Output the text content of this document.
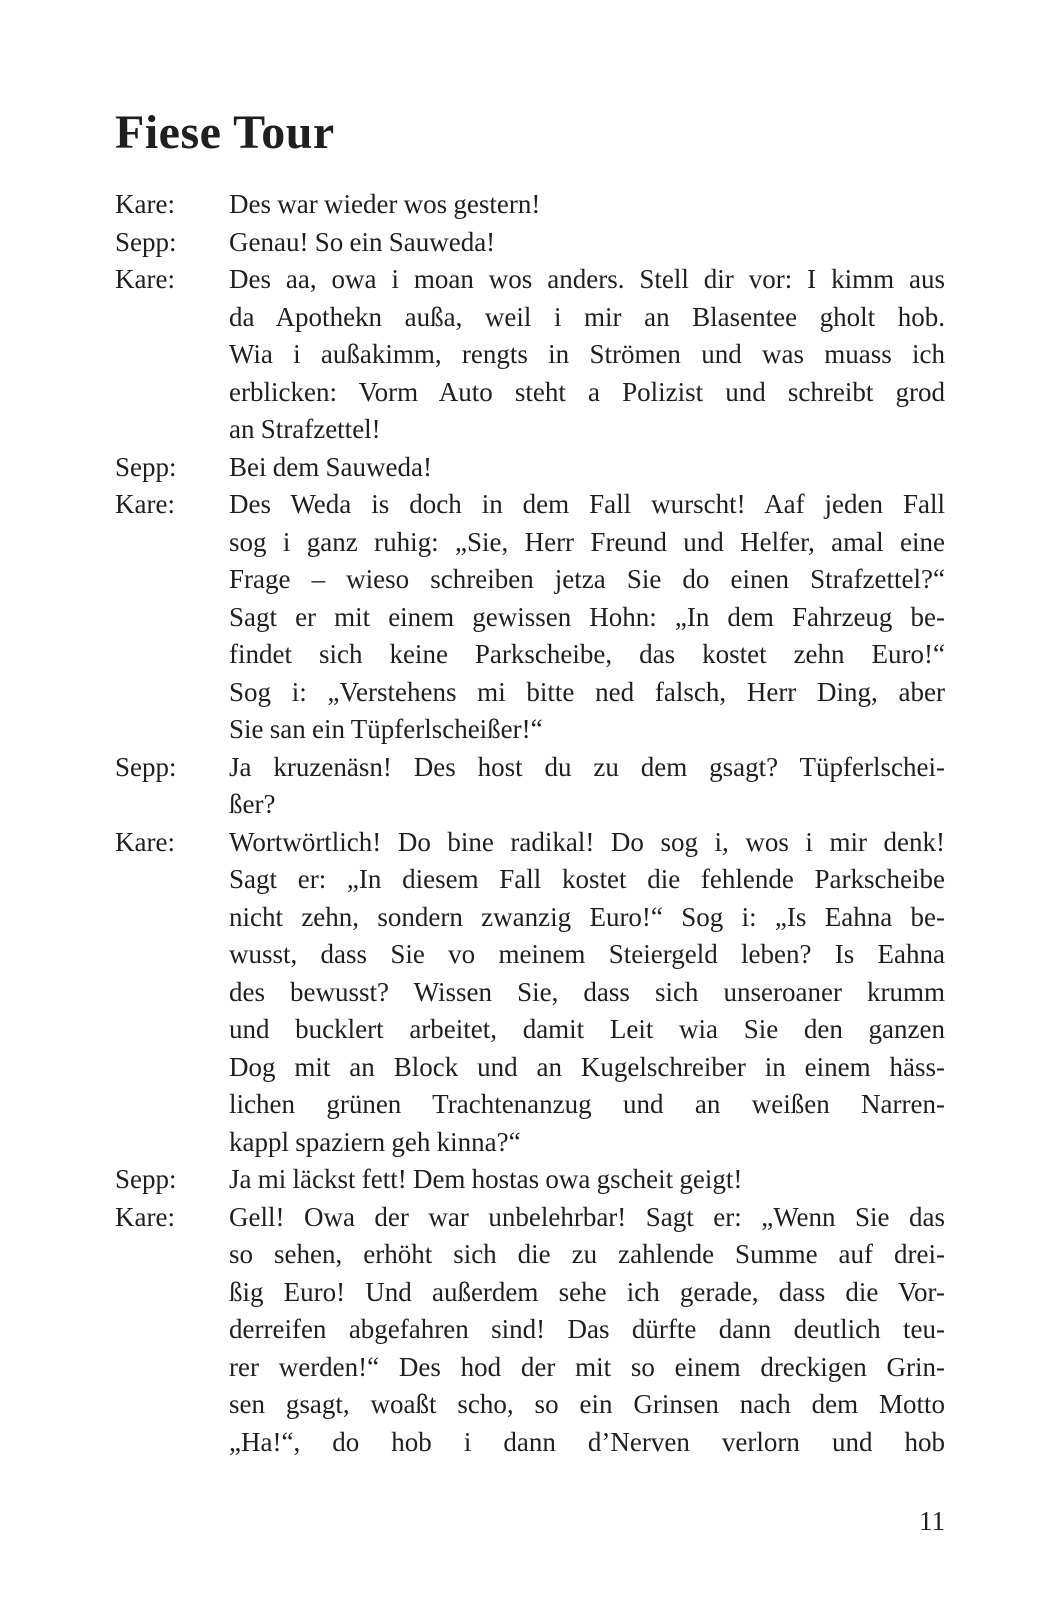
Fiese Tour
Kare:	Des war wieder wos gestern!
Sepp:	Genau! So ein Sauweda!
Kare:	Des aa, owa i moan wos anders. Stell dir vor: I kimm aus
da Apothekn außa, weil i mir an Blasentee gholt hob.
Wia i außakimm, rengts in Strömen und was muass ich
erblicken: Vorm Auto steht a Polizist und schreibt grod
an Strafzettel!
Sepp:	Bei dem Sauweda!
Kare:	Des Weda is doch in dem Fall wurscht! Aaf jeden Fall
sog i ganz ruhig: „Sie, Herr Freund und Helfer, amal eine
Frage – wieso schreiben jetza Sie do einen Strafzettel?“
Sagt er mit einem gewissen Hohn: „In dem Fahrzeug be-
findet sich keine Parkscheibe, das kostet zehn Euro!“
Sog i: „Verstehens mi bitte ned falsch, Herr Ding, aber
Sie san ein Tüpferlscheißer!“
Sepp:	Ja kruzenäsn! Des host du zu dem gsagt? Tüpferlschei-
ßer?
Kare:	Wortwörtlich! Do bine radikal! Do sog i, wos i mir denk!
Sagt er: „In diesem Fall kostet die fehlende Parkscheibe
nicht zehn, sondern zwanzig Euro!“ Sog i: „Is Eahna be-
wusst, dass Sie vo meinem Steiergeld leben? Is Eahna
des bewusst? Wissen Sie, dass sich unseroaner krumm
und bucklert arbeitet, damit Leit wia Sie den ganzen
Dog mit an Block und an Kugelschreiber in einem häss-
lichen grünen Trachtenanzug und an weißen Narren-
kappl spaziern geh kinna?“
Sepp:	Ja mi läckst fett! Dem hostas owa gscheit geigt!
Kare:	Gell! Owa der war unbelehrbar! Sagt er: „Wenn Sie das
so sehen, erhöht sich die zu zahlende Summe auf drei-
ßig Euro! Und außerdem sehe ich gerade, dass die Vor-
derreifen abgefahren sind! Das dürfte dann deutlich teu-
rer werden!“ Des hod der mit so einem dreckigen Grin-
sen gsagt, woaßt scho, so ein Grinsen nach dem Motto
„Ha!“, do hob i dann d’Nerven verlorn und hob
11
